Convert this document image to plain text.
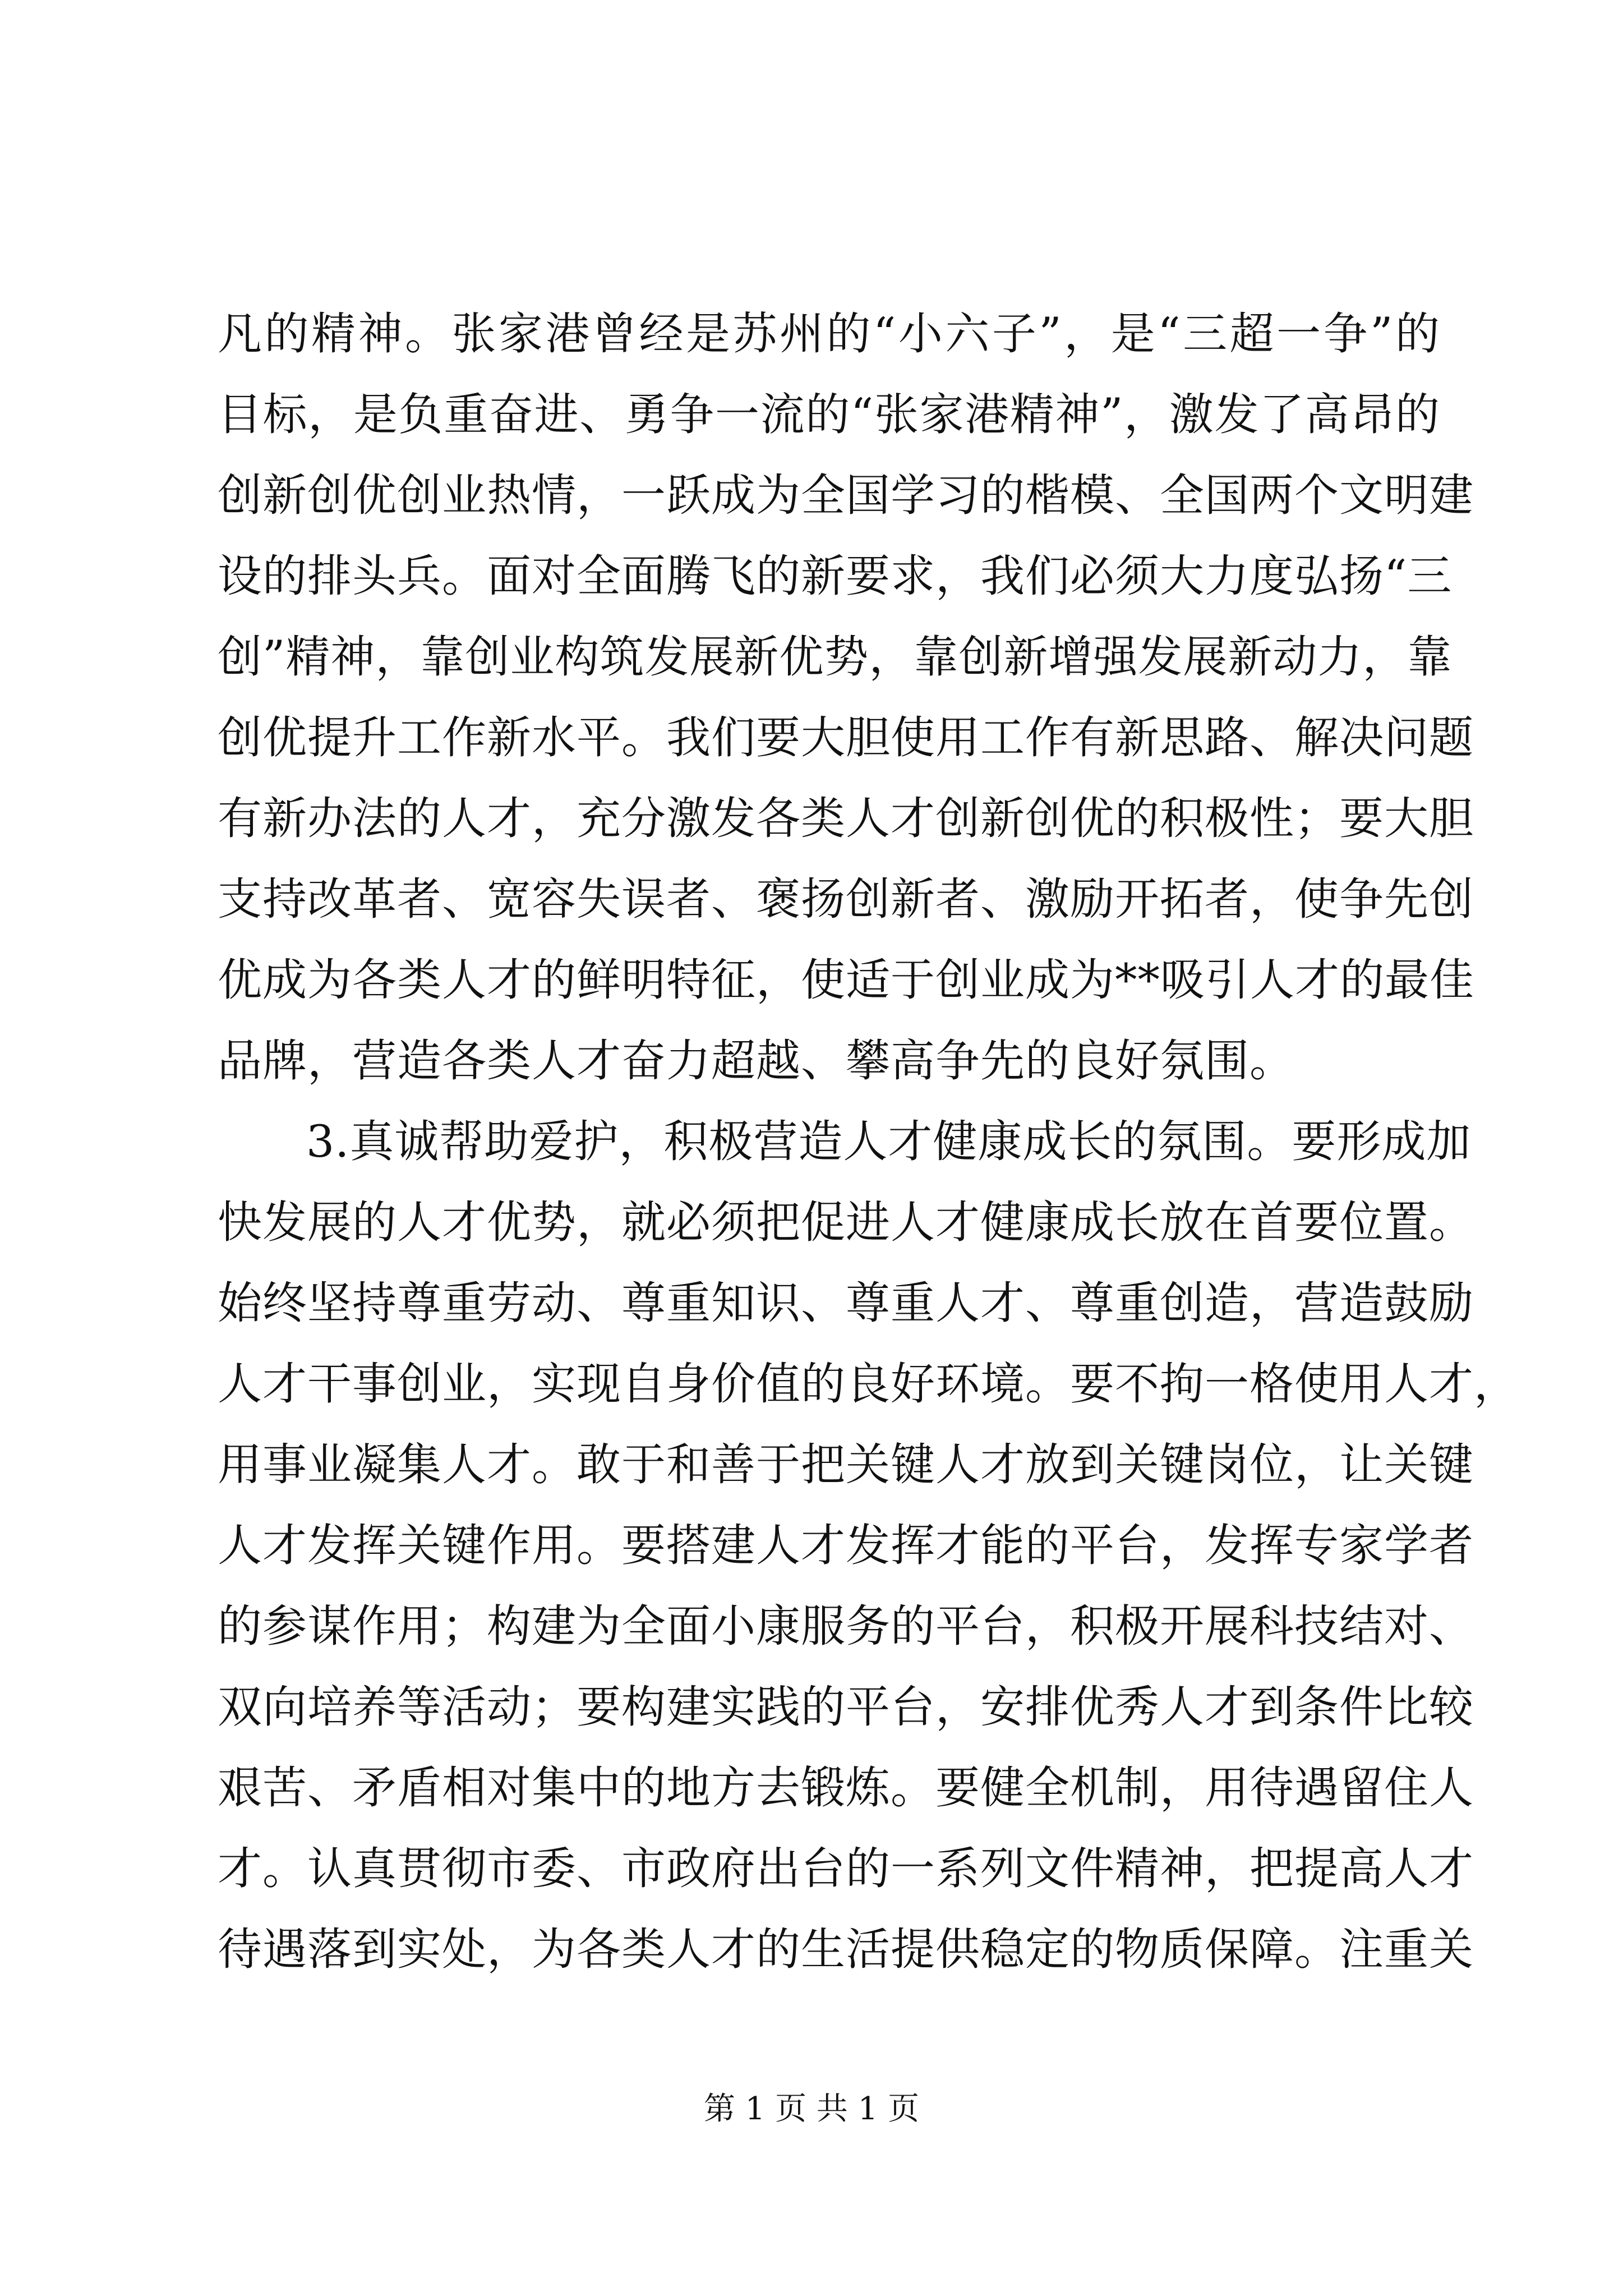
凡的精神。张家港曾经是苏州的“小六子”，是“三超一争”的
目标，是负重奋进、勇争一流的“张家港精神”，激发了高昂的
创新创优创业热情，一跃成为全国学习的楷模、全国两个文明建
设的排头兵。面对全面腾飞的新要求，我们必须大力度弘扬“三
创”精神，靠创业构筑发展新优势，靠创新增强发展新动力，靠
创优提升工作新水平。我们要大胆使用工作有新思路、解决问题
有新办法的人才，充分激发各类人才创新创优的积极性；要大胆
支持改革者、宽容失误者、褒扬创新者、激励开拓者，使争先创
优成为各类人才的鲜明特征，使适于创业成为**吸引人才的最佳
品牌，营造各类人才奋力超越、攀高争先的良好氛围。
3.真诚帮助爱护，积极营造人才健康成长的氛围。要形成加
快发展的人才优势，就必须把促进人才健康成长放在首要位置。
始终坚持尊重劳动、尊重知识、尊重人才、尊重创造，营造鼓励
人才干事创业，实现自身价值的良好环境。要不拘一格使用人才，
用事业凝集人才。敢于和善于把关键人才放到关键岗位，让关键
人才发挥关键作用。要搭建人才发挥才能的平台，发挥专家学者
的参谋作用；构建为全面小康服务的平台，积极开展科技结对、
双向培养等活动；要构建实践的平台，安排优秀人才到条件比较
艰苦、矛盾相对集中的地方去锻炼。要健全机制，用待遇留住人
才。认真贯彻市委、市政府出台的一系列文件精神，把提高人才
待遇落到实处，为各类人才的生活提供稳定的物质保障。注重关
第 1 页 共 1 页
